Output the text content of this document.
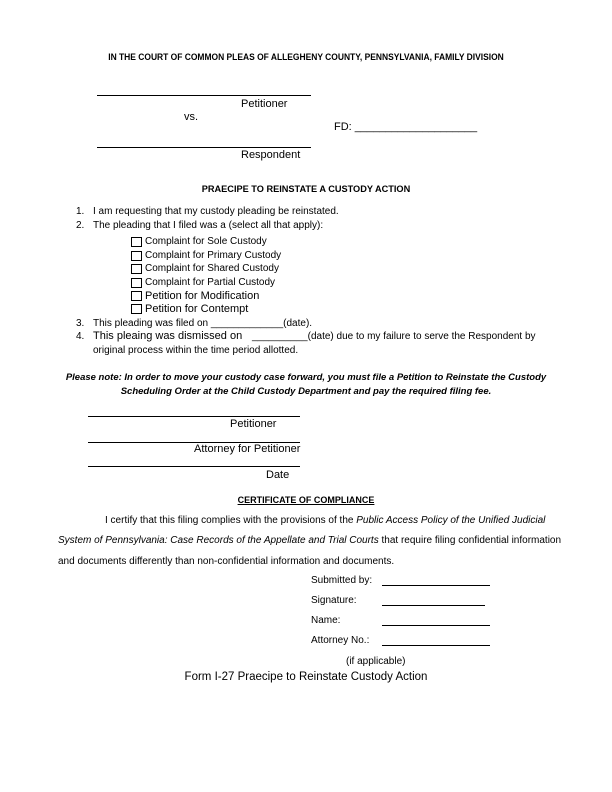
IN THE COURT OF COMMON PLEAS OF ALLEGHENY COUNTY, PENNSYLVANIA, FAMILY DIVISION
Petitioner
vs.
FD: ____________________
Respondent
PRAECIPE TO REINSTATE A CUSTODY ACTION
1. I am requesting that my custody pleading be reinstated.
2. The pleading that I filed was a (select all that apply):
Complaint for Sole Custody
Complaint for Primary Custody
Complaint for Shared Custody
Complaint for Partial Custody
Petition for Modification
Petition for Contempt
3. This pleading was filed on _____________(date).
4. This pleaing was dismissed on __________(date) due to my failure to serve the Respondent by
original process within the time period allotted.
Please note: In order to move your custody case forward, you must file a Petition to Reinstate the Custody
Scheduling Order at the Child Custody Department and pay the required filing fee.
Petitioner
Attorney for Petitioner
Date
CERTIFICATE OF COMPLIANCE
I certify that this filing complies with the provisions of the Public Access Policy of the Unified Judicial
System of Pennsylvania: Case Records of the Appellate and Trial Courts that require filing confidential information
and documents differently than non-confidential information and documents.
Submitted by:
Signature:
Name:
Attorney No.:
(if applicable)
Form I-27 Praecipe to Reinstate Custody Action
